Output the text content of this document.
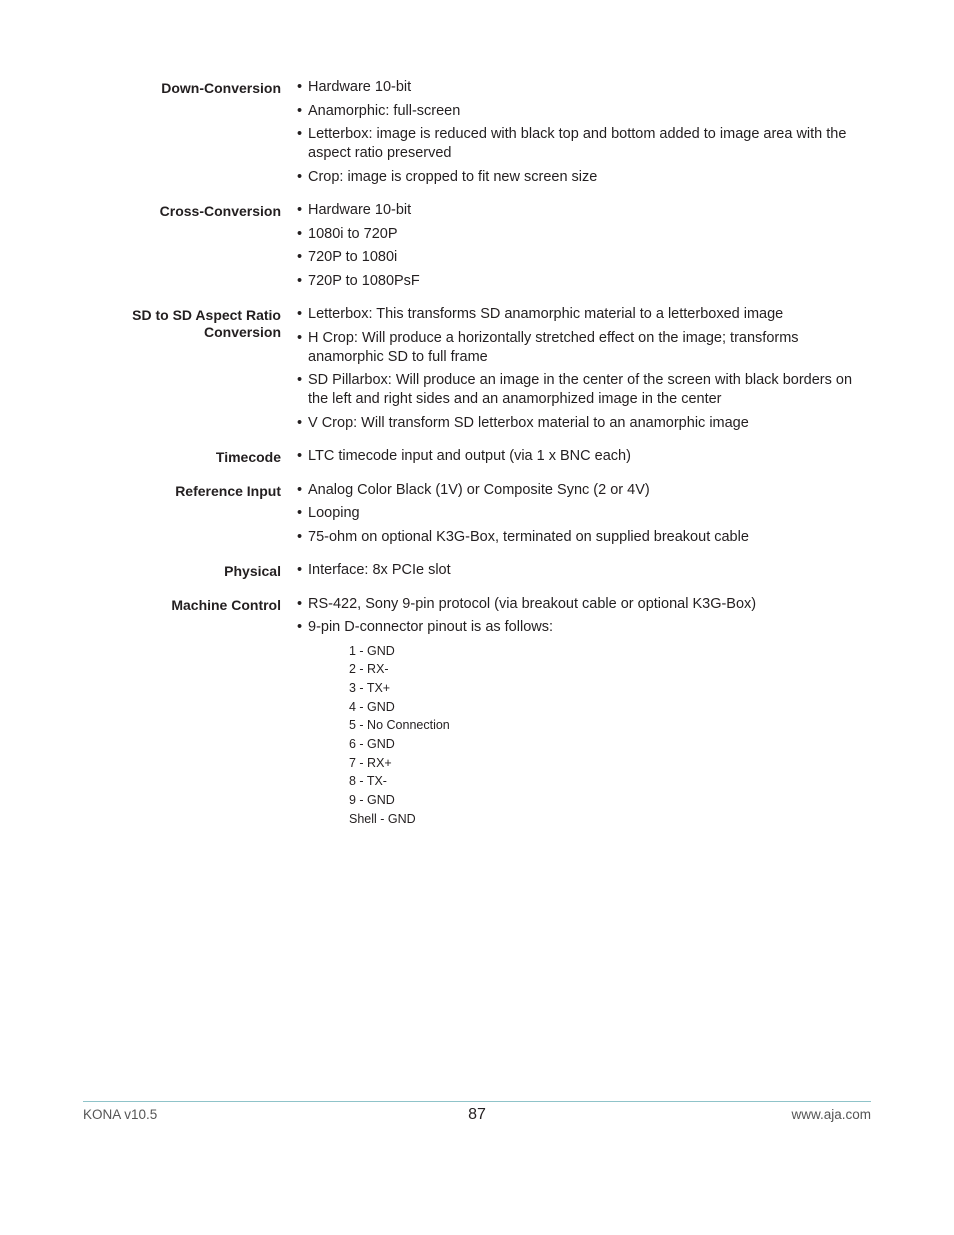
Down-Conversion • Hardware 10-bit
• Anamorphic: full-screen
• Letterbox: image is reduced with black top and bottom added to image area with the aspect ratio preserved
• Crop: image is cropped to fit new screen size
Cross-Conversion • Hardware 10-bit
• 1080i to 720P
• 720P to 1080i
• 720P to 1080PsF
SD to SD Aspect Ratio
Conversion
• Letterbox: This transforms SD anamorphic material to a letterboxed image
• H Crop: Will produce a horizontally stretched effect on the image; transforms anamorphic SD to full frame
• SD Pillarbox: Will produce an image in the center of the screen with black borders on the left and right sides and an anamorphized image in the center
• V Crop: Will transform SD letterbox material to an anamorphic image
Timecode • LTC timecode input and output (via 1 x BNC each)
Reference Input • Analog Color Black (1V) or Composite Sync (2 or 4V)
• Looping
• 75-ohm on optional K3G-Box, terminated on supplied breakout cable
Physical • Interface: 8x PCIe slot
Machine Control • RS-422, Sony 9-pin protocol (via breakout cable or optional K3G-Box)
• 9-pin D-connector pinout is as follows:
1 - GND
2 - RX-
3 - TX+
4 - GND
5 - No Connection
6 - GND
7 - RX+
8 - TX-
9 - GND
Shell - GND
KONA v10.5	87	www.aja.com
